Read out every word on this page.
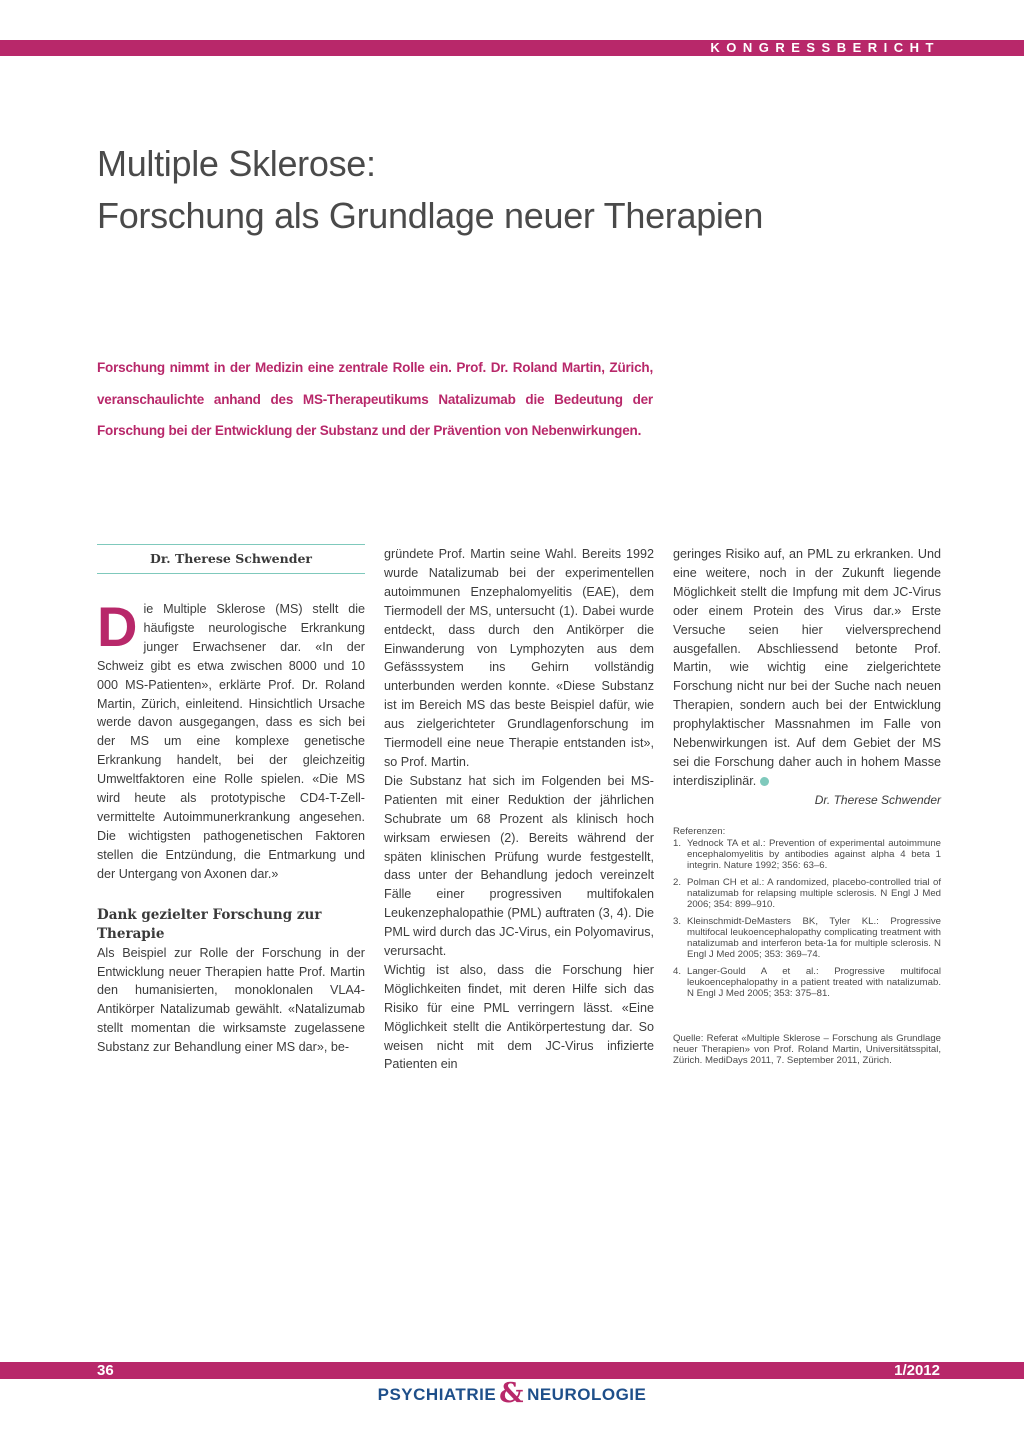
KONGRESSBERICHT
Multiple Sklerose:
Forschung als Grundlage neuer Therapien

Forschung nimmt in der Medizin eine zentrale Rolle ein. Prof. Dr. Roland Martin, Zürich, veranschaulichte anhand des MS-Therapeutikums Natalizumab die Bedeutung der Forschung bei der Entwicklung der Substanz und der Prävention von Nebenwirkungen.

Dr. Therese Schwender

Die Multiple Sklerose (MS) stellt die häufigste neurologische Erkrankung junger Erwachsener dar. «In der Schweiz gibt es etwa zwischen 8000 und 10 000 MS-Patienten», erklärte Prof. Dr. Roland Martin, Zürich, einleitend. Hinsichtlich Ursache werde davon ausgegangen, dass es sich bei der MS um eine komplexe genetische Erkrankung handelt, bei der gleichzeitig Umweltfaktoren eine Rolle spielen. «Die MS wird heute als prototypische CD4-T-Zell-vermittelte Autoimmunerkrankung angesehen. Die wichtigsten pathogenetischen Faktoren stellen die Entzündung, die Entmarkung und der Untergang von Axonen dar.»

Dank gezielter Forschung zur Therapie

Als Beispiel zur Rolle der Forschung in der Entwicklung neuer Therapien hatte Prof. Martin den humanisierten, monoklonalen VLA4-Antikörper Natalizumab gewählt. «Natalizumab stellt momentan die wirksamste zugelassene Substanz zur Behandlung einer MS dar», be-

gründete Prof. Martin seine Wahl. Bereits 1992 wurde Natalizumab bei der experimentellen autoimmunen Enzephalomyelitis (EAE), dem Tiermodell der MS, untersucht (1). Dabei wurde entdeckt, dass durch den Antikörper die Einwanderung von Lymphozyten aus dem Gefässsystem ins Gehirn vollständig unterbunden werden konnte. «Diese Substanz ist im Bereich MS das beste Beispiel dafür, wie aus zielgerichteter Grundlagenforschung im Tiermodell eine neue Therapie entstanden ist», so Prof. Martin.

Die Substanz hat sich im Folgenden bei MS-Patienten mit einer Reduktion der jährlichen Schubrate um 68 Prozent als klinisch hoch wirksam erwiesen (2). Bereits während der späten klinischen Prüfung wurde festgestellt, dass unter der Behandlung jedoch vereinzelt Fälle einer progressiven multifokalen Leukenzephalopathie (PML) auftraten (3, 4). Die PML wird durch das JC-Virus, ein Polyomavirus, verursacht.

Wichtig ist also, dass die Forschung hier Möglichkeiten findet, mit deren Hilfe sich das Risiko für eine PML verringern lässt. «Eine Möglichkeit stellt die Antikörpertestung dar. So weisen nicht mit dem JC-Virus infizierte Patienten ein

geringes Risiko auf, an PML zu erkranken. Und eine weitere, noch in der Zukunft liegende Möglichkeit stellt die Impfung mit dem JC-Virus oder einem Protein des Virus dar.» Erste Versuche seien hier vielversprechend ausgefallen. Abschliessend betonte Prof. Martin, wie wichtig eine zielgerichtete Forschung nicht nur bei der Suche nach neuen Therapien, sondern auch bei der Entwicklung prophylaktischer Massnahmen im Falle von Nebenwirkungen ist. Auf dem Gebiet der MS sei die Forschung daher auch in hohem Masse interdisziplinär.

Dr. Therese Schwender
Referenzen:
1. Yednock TA et al.: Prevention of experimental autoimmune encephalomyelitis by antibodies against alpha 4 beta 1 integrin. Nature 1992; 356: 63–6.
2. Polman CH et al.: A randomized, placebo-controlled trial of natalizumab for relapsing multiple sclerosis. N Engl J Med 2006; 354: 899–910.
3. Kleinschmidt-DeMasters BK, Tyler KL.: Progressive multifocal leukoencephalopathy complicating treatment with natalizumab and interferon beta-1a for multiple sclerosis. N Engl J Med 2005; 353: 369–74.
4. Langer-Gould A et al.: Progressive multifocal leukoencephalopathy in a patient treated with natalizumab. N Engl J Med 2005; 353: 375–81.
Quelle: Referat «Multiple Sklerose – Forschung als Grundlage neuer Therapien» von Prof. Roland Martin, Universitätsspital, Zürich. MediDays 2011, 7. September 2011, Zürich.
36	1/2012
PSYCHIATRIE & NEUROLOGIE
